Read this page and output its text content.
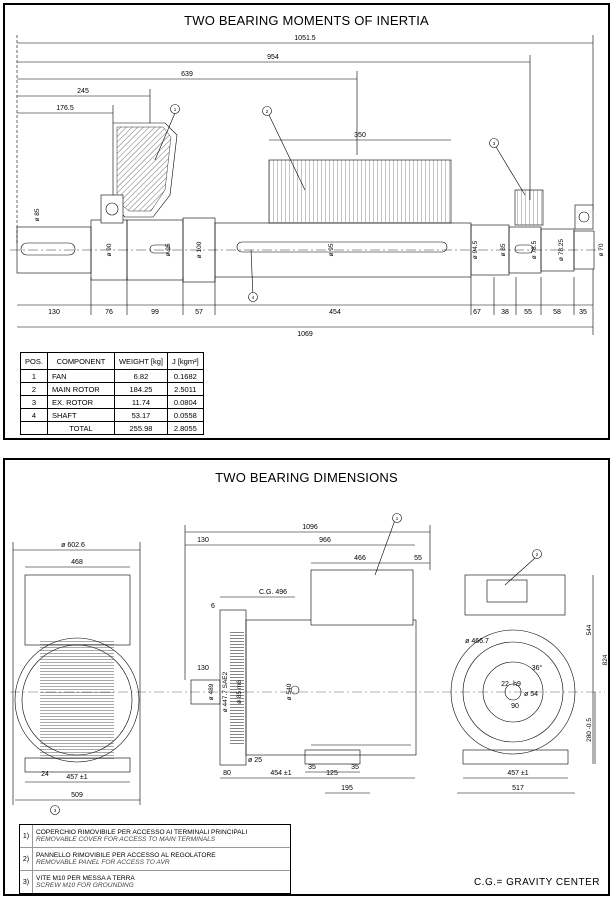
TWO BEARING MOMENTS OF INERTIA
1	2
3
4
1051.5
954
639
245
176.5
350
130	76	99	57	454	67	38 55	58	35
1069
ø 85
ø 90	ø 95	ø 100	ø 95	ø 94.5	ø 85	ø 78.5	ø 78.25	ø 70
POS.	COMPONENT	WEIGHT [kg]	J [kgm²]
1	FAN	6.82	0.1682
2	MAIN ROTOR	184.25	2.5011
3	EX. ROTOR	11.74	0.0804
4	SHAFT	53.17	0.0558
	TOTAL	255.98	2.8055
TWO BEARING DIMENSIONS
1
2
3
ø 602.6
468
457 ±1
509
24
1096
966
130
466	55
C.G. 496
6
130
ø 25
80	454 ±1
35
125
35
195
457 ±1
517
90
ø 54
36°
ø 466.7
22 h9
ø 489 ø 447.7 SAE2 ø 85 m6	ø 540
544
824
280 -0.5
1)	COPERCHIO RIMOVIBILE PER ACCESSO AI TERMINALI PRINCIPALI
REMOVABLE COVER FOR ACCESS TO MAIN TERMINALS
2)	PANNELLO RIMOVIBILE PER ACCESSO AL REGOLATORE
REMOVABLE PANEL FOR ACCESS TO AVR
3)	VITE M10 PER MESSA A TERRA
SCREW M10 FOR GROUNDING	C.G.= GRAVITY CENTER
